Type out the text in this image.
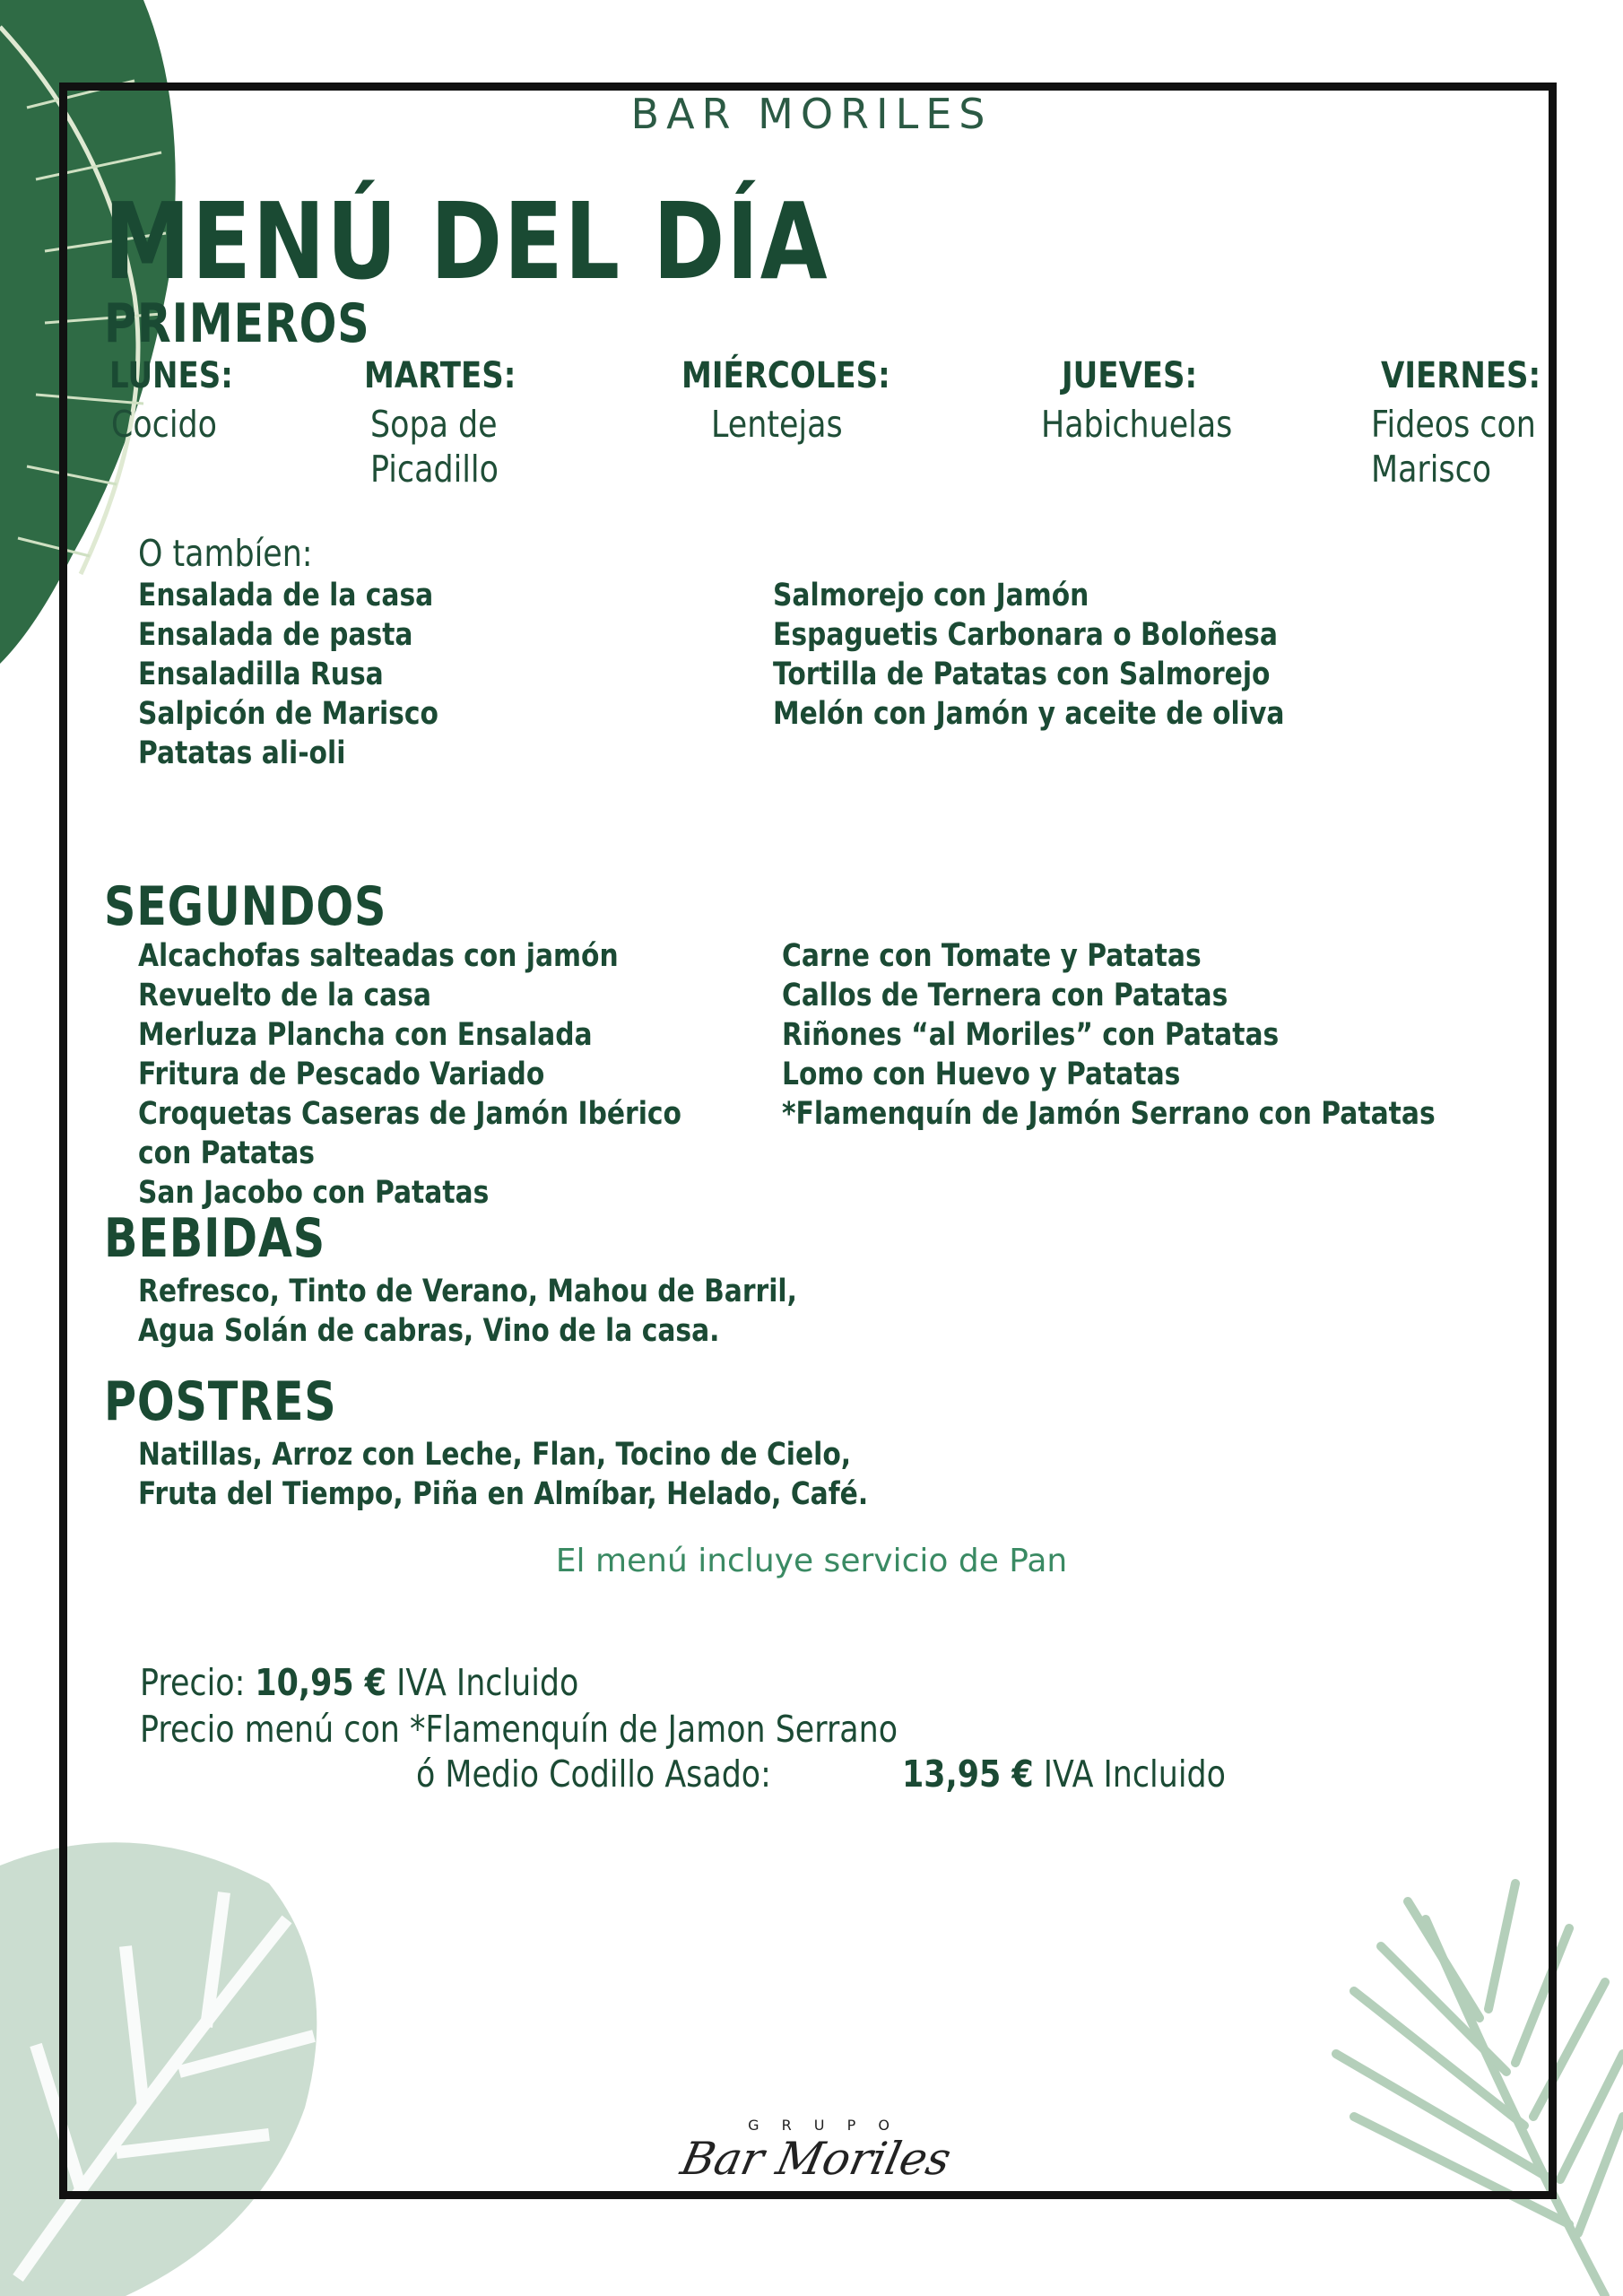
BAR MORILES
MENÚ DEL DÍA
PRIMEROS
LUNES:
Cocido
MARTES:
Sopa de
Picadillo
MIÉRCOLES:
Lentejas
JUEVES:
Habichuelas
VIERNES:
Fideos con
Marisco
O tambíen:
Ensalada de la casa
Ensalada de pasta
Ensaladilla Rusa
Salpicón de Marisco
Patatas ali-oli
Salmorejo con Jamón
Espaguetis Carbonara o Boloñesa
Tortilla de Patatas con Salmorejo
Melón con Jamón y aceite de oliva
SEGUNDOS
Alcachofas salteadas con jamón
Revuelto de la casa
Merluza Plancha con Ensalada
Fritura de Pescado Variado
Croquetas Caseras de Jamón Ibérico
con Patatas
San Jacobo con Patatas
Carne con Tomate y Patatas
Callos de Ternera con Patatas
Riñones “al Moriles” con Patatas
Lomo con Huevo y Patatas
*Flamenquín de Jamón Serrano con Patatas
BEBIDAS
Refresco, Tinto de Verano, Mahou de Barril,
Agua Solán de cabras, Vino de la casa.
POSTRES
Natillas, Arroz con Leche, Flan, Tocino de Cielo,
Fruta del Tiempo, Piña en Almíbar, Helado, Café.
El menú incluye servicio de Pan
Precio: 10,95 € IVA Incluido
Precio menú con *Flamenquín de Jamon Serrano
ó Medio Codillo Asado:	13,95 € IVA Incluido
G R U P O
Bar Moriles
